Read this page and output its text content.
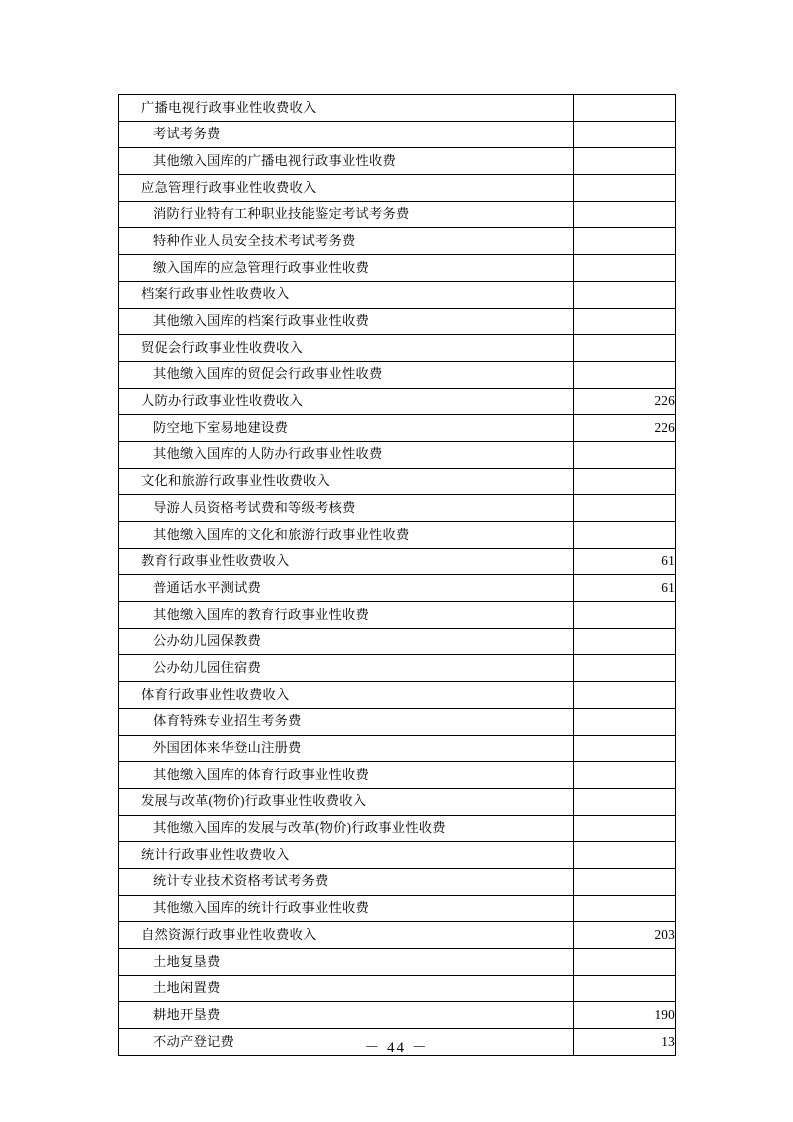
广播电视行政事业性收费收入	
考试考务费	
其他缴入国库的广播电视行政事业性收费	
应急管理行政事业性收费收入	
消防行业特有工种职业技能鉴定考试考务费	
特种作业人员安全技术考试考务费	
缴入国库的应急管理行政事业性收费	
档案行政事业性收费收入	
其他缴入国库的档案行政事业性收费	
贸促会行政事业性收费收入	
其他缴入国库的贸促会行政事业性收费	
人防办行政事业性收费收入	226
防空地下室易地建设费	226
其他缴入国库的人防办行政事业性收费	
文化和旅游行政事业性收费收入	
导游人员资格考试费和等级考核费	
其他缴入国库的文化和旅游行政事业性收费	
教育行政事业性收费收入	61
普通话水平测试费	61
其他缴入国库的教育行政事业性收费	
公办幼儿园保教费	
公办幼儿园住宿费	
体育行政事业性收费收入	
体育特殊专业招生考务费	
外国团体来华登山注册费	
其他缴入国库的体育行政事业性收费	
发展与改革(物价)行政事业性收费收入	
其他缴入国库的发展与改革(物价)行政事业性收费	
统计行政事业性收费收入	
统计专业技术资格考试考务费	
其他缴入国库的统计行政事业性收费	
自然资源行政事业性收费收入	203
土地复垦费	
土地闲置费	
耕地开垦费	190
不动产登记费	13
－ 44 －
